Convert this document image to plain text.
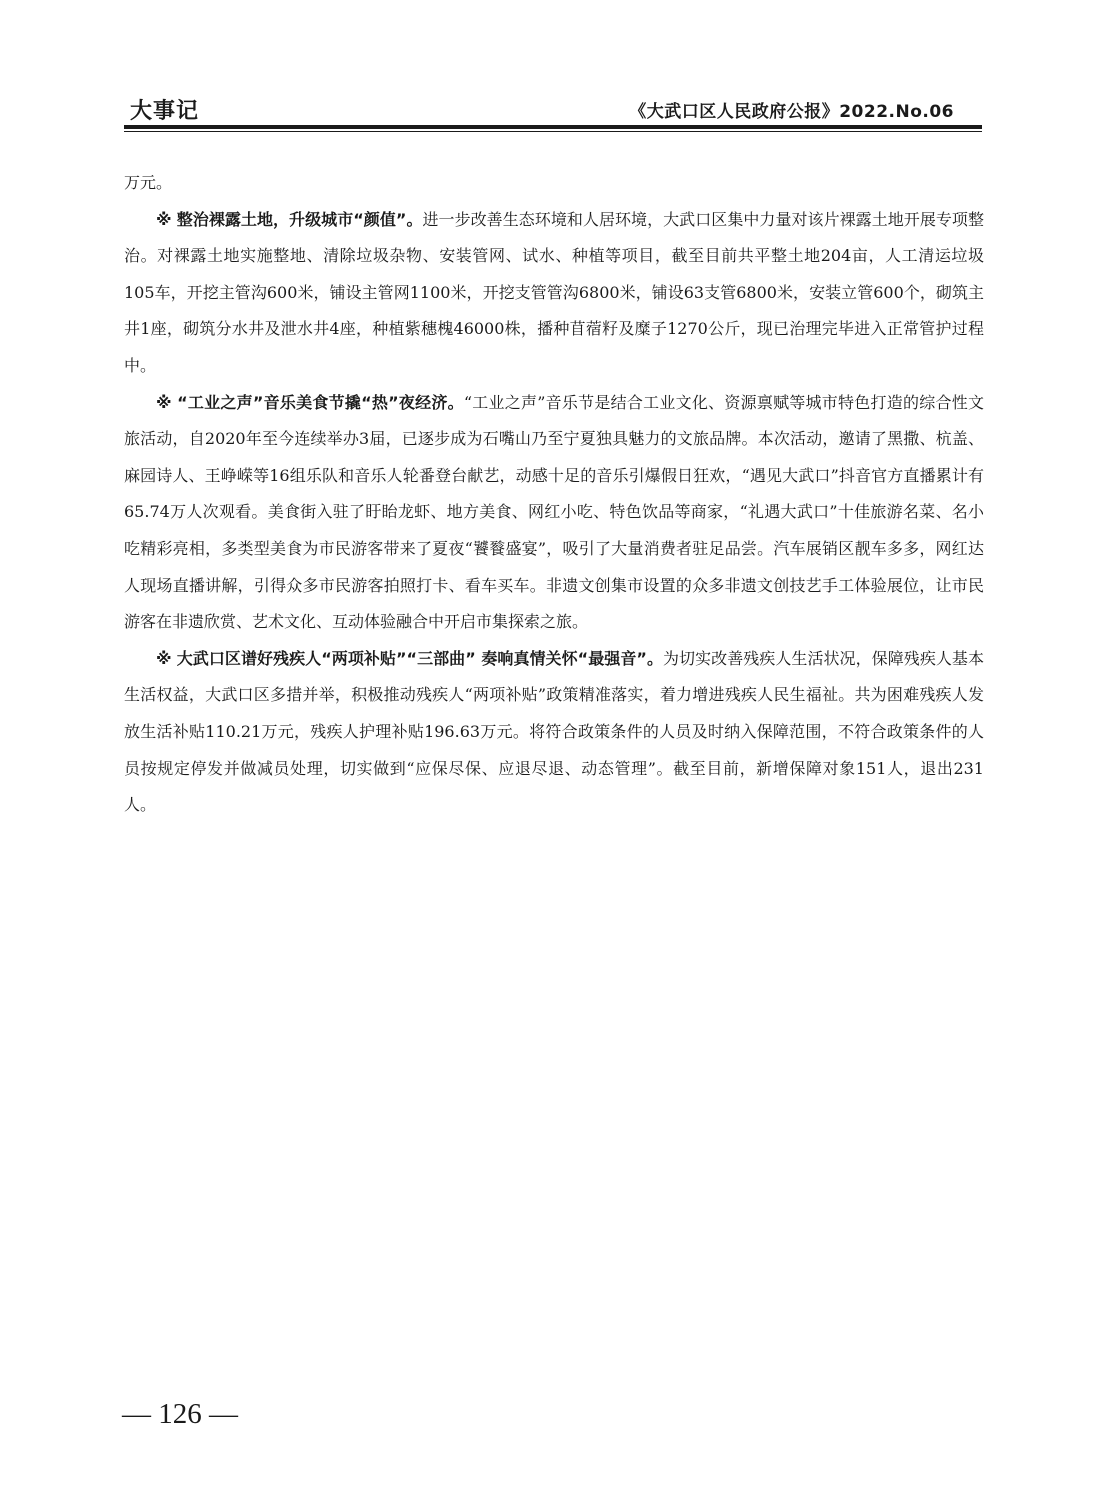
大事记	《大武口区人民政府公报》2022.No.06

万元。

※ 整治裸露土地，升级城市“颜值”。进一步改善生态环境和人居环境，大武口区集中力量对该片裸露土地开展专项整治。对裸露土地实施整地、清除垃圾杂物、安装管网、试水、种植等项目，截至目前共平整土地204亩，人工清运垃圾105车，开挖主管沟600米，铺设主管网1100米，开挖支管管沟6800米，铺设63支管6800米，安装立管600个，砌筑主井1座，砌筑分水井及泄水井4座，种植紫穗槐46000株，播种苜蓿籽及糜子1270公斤，现已治理完毕进入正常管护过程中。

※ “工业之声”音乐美食节撬“热”夜经济。“工业之声”音乐节是结合工业文化、资源禀赋等城市特色打造的综合性文旅活动，自2020年至今连续举办3届，已逐步成为石嘴山乃至宁夏独具魅力的文旅品牌。本次活动，邀请了黑撒、杭盖、麻园诗人、王峥嵘等16组乐队和音乐人轮番登台献艺，动感十足的音乐引爆假日狂欢，“遇见大武口”抖音官方直播累计有65.74万人次观看。美食街入驻了盱眙龙虾、地方美食、网红小吃、特色饮品等商家，“礼遇大武口”十佳旅游名菜、名小吃精彩亮相，多类型美食为市民游客带来了夏夜“饕餮盛宴”，吸引了大量消费者驻足品尝。汽车展销区靓车多多，网红达人现场直播讲解，引得众多市民游客拍照打卡、看车买车。非遗文创集市设置的众多非遗文创技艺手工体验展位，让市民游客在非遗欣赏、艺术文化、互动体验融合中开启市集探索之旅。

※ 大武口区谱好残疾人“两项补贴”“三部曲” 奏响真情关怀“最强音”。为切实改善残疾人生活状况，保障残疾人基本生活权益，大武口区多措并举，积极推动残疾人“两项补贴”政策精准落实，着力增进残疾人民生福祉。共为困难残疾人发放生活补贴110.21万元，残疾人护理补贴196.63万元。将符合政策条件的人员及时纳入保障范围，不符合政策条件的人员按规定停发并做减员处理，切实做到“应保尽保、应退尽退、动态管理”。截至目前，新增保障对象151人，退出231人。

— 126 —
